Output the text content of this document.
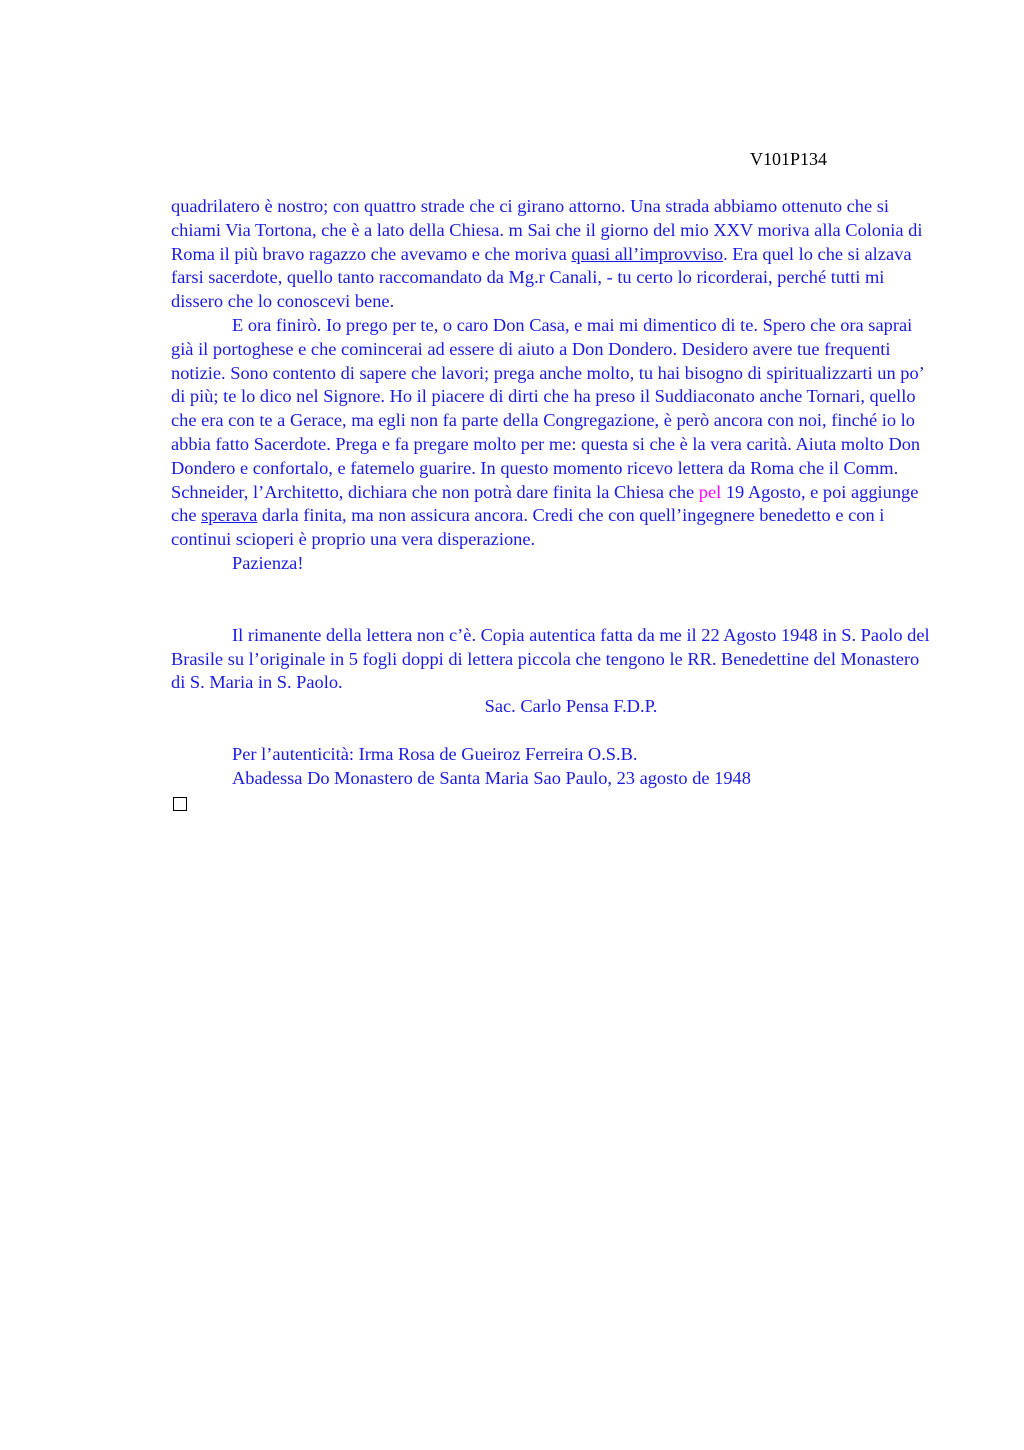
V101P134

quadrilatero è nostro; con quattro strade che ci girano attorno. Una strada abbiamo ottenuto che si chiami Via Tortona, che è a lato della Chiesa. m Sai che il giorno del mio XXV moriva alla Colonia di Roma il più bravo ragazzo che avevamo e che moriva quasi all’improvviso. Era quel lo che si alzava farsi sacerdote, quello tanto raccomandato da Mg.r Canali, - tu certo lo ricorderai, perché tutti mi dissero che lo conoscevi bene.

E ora finirò. Io prego per te, o caro Don Casa, e mai mi dimentico di te. Spero che ora saprai già il portoghese e che comincerai ad essere di aiuto a Don Dondero. Desidero avere tue frequenti notizie. Sono contento di sapere che lavori; prega anche molto, tu hai bisogno di spiritualizzarti un po’ di più; te lo dico nel Signore. Ho il piacere di dirti che ha preso il Suddiaconato anche Tornari, quello che era con te a Gerace, ma egli non fa parte della Congregazione, è però ancora con noi, finché io lo abbia fatto Sacerdote. Prega e fa pregare molto per me: questa si che è la vera carità. Aiuta molto Don Dondero e confortalo, e fatemelo guarire. In questo momento ricevo lettera da Roma che il Comm. Schneider, l’Architetto, dichiara che non potrà dare finita la Chiesa che pel 19 Agosto, e poi aggiunge che sperava darla finita, ma non assicura ancora. Credi che con quell’ingegnere benedetto e con i continui scioperi è proprio una vera disperazione.

Pazienza!

Il rimanente della lettera non c’è. Copia autentica fatta da me il 22 Agosto 1948 in S. Paolo del Brasile su l’originale in 5 fogli doppi di lettera piccola che tengono le RR. Benedettine del Monastero di S. Maria in S. Paolo.

Sac. Carlo Pensa F.D.P.

Per l’autenticità: Irma Rosa de Gueiroz Ferreira O.S.B.

Abadessa Do Monastero de Santa Maria Sao Paulo, 23 agosto de 1948
